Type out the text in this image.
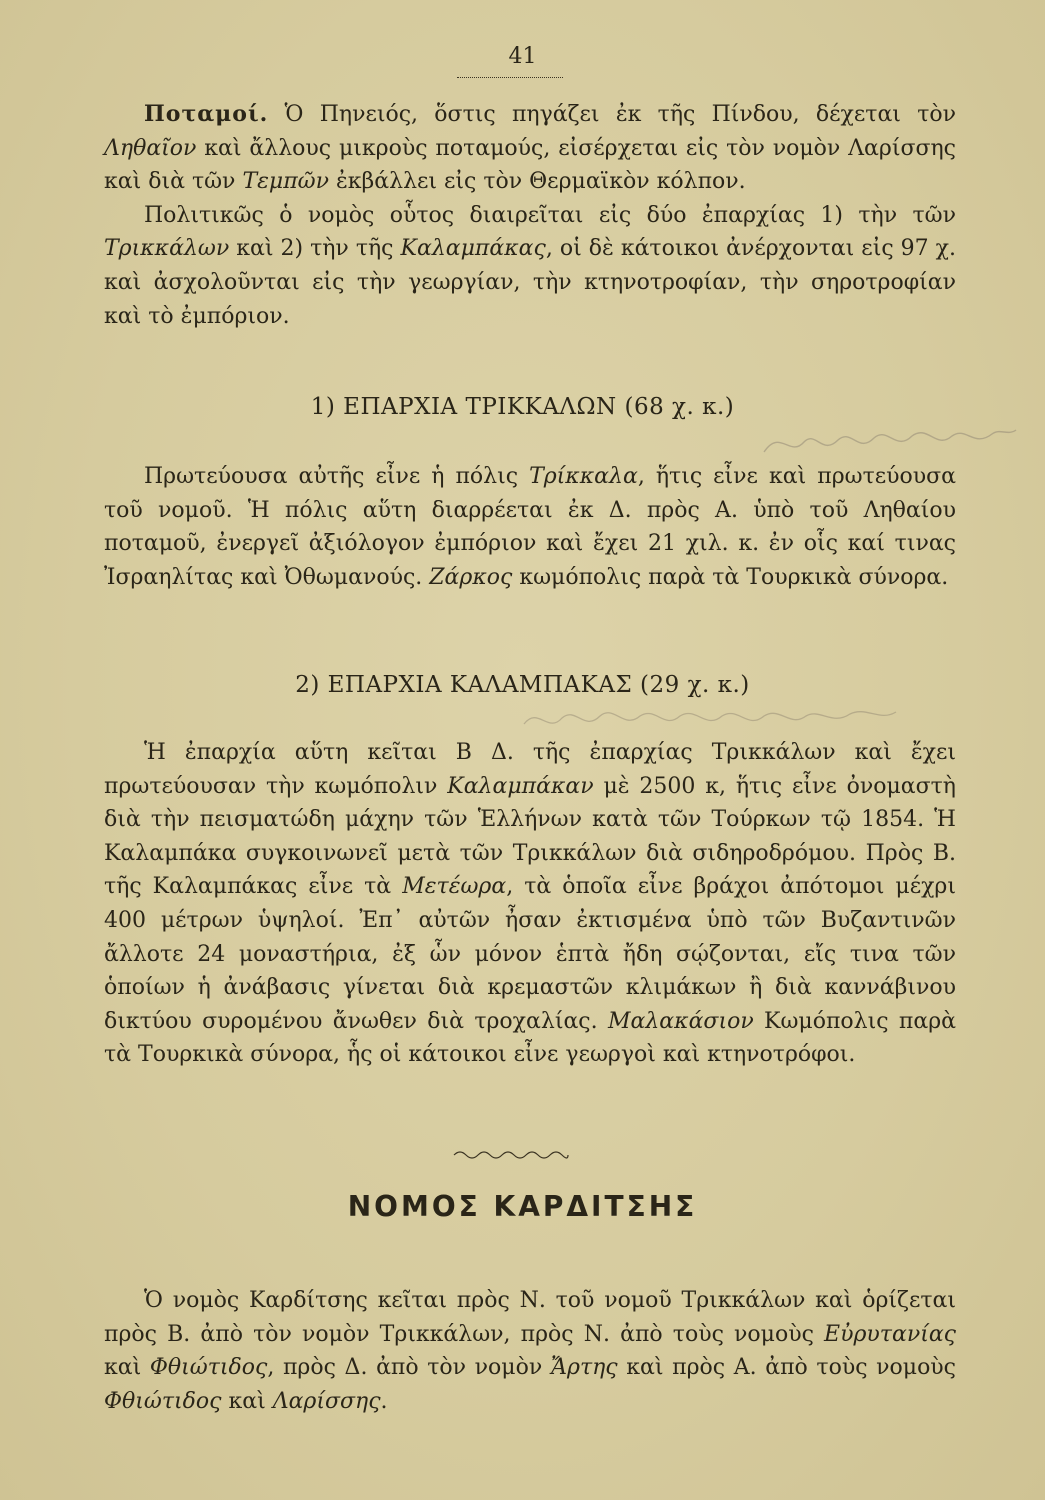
41

Ποταμοί. Ὁ Πηνειός, ὅστις πηγάζει ἐκ τῆς Πίνδου, δέχεται τὸν Ληθαῖον καὶ ἄλλους μικροὺς ποταμούς, εἰσέρχεται εἰς τὸν νομὸν Λαρίσσης καὶ διὰ τῶν Τεμπῶν ἐκβάλλει εἰς τὸν Θερμαϊκὸν κόλπον.

Πολιτικῶς ὁ νομὸς οὗτος διαιρεῖται εἰς δύο ἐπαρχίας 1) τὴν τῶν Τρικκάλων καὶ 2) τὴν τῆς Καλαμπάκας, οἱ δὲ κάτοικοι ἀνέρχονται εἰς 97 χ. καὶ ἀσχολοῦνται εἰς τὴν γεωργίαν, τὴν κτηνοτροφίαν, τὴν σηροτροφίαν καὶ τὸ ἐμπόριον.

1) ΕΠΑΡΧΙΑ ΤΡΙΚΚΑΛΩΝ (68 χ. κ.)

Πρωτεύουσα αὐτῆς εἶνε ἡ πόλις Τρίκκαλα, ἥτις εἶνε καὶ πρωτεύουσα τοῦ νομοῦ. Ἡ πόλις αὕτη διαρρέεται ἐκ Δ. πρὸς Α. ὑπὸ τοῦ Ληθαίου ποταμοῦ, ἐνεργεῖ ἀξιόλογον ἐμπόριον καὶ ἔχει 21 χιλ. κ. ἐν οἷς καί τινας Ἰσραηλίτας καὶ Ὀθωμανούς. Ζάρκος κωμόπολις παρὰ τὰ Τουρκικὰ σύνορα.

2) ΕΠΑΡΧΙΑ ΚΑΛΑΜΠΑΚΑΣ (29 χ. κ.)

Ἡ ἐπαρχία αὕτη κεῖται Β Δ. τῆς ἐπαρχίας Τρικκάλων καὶ ἔχει πρωτεύουσαν τὴν κωμόπολιν Καλαμπάκαν μὲ 2500 κ, ἥτις εἶνε ὀνομαστὴ διὰ τὴν πεισματώδη μάχην τῶν Ἑλλήνων κατὰ τῶν Τούρκων τῷ 1854. Ἡ Καλαμπάκα συγκοινωνεῖ μετὰ τῶν Τρικκάλων διὰ σιδηροδρόμου. Πρὸς Β. τῆς Καλαμπάκας εἶνε τὰ Μετέωρα, τὰ ὁποῖα εἶνε βράχοι ἀπότομοι μέχρι 400 μέτρων ὑψηλοί. Ἐπ᾽ αὐτῶν ἦσαν ἐκτισμένα ὑπὸ τῶν Βυζαντινῶν ἄλλοτε 24 μοναστήρια, ἐξ ὧν μόνον ἑπτὰ ἤδη σῴζονται, εἴς τινα τῶν ὁποίων ἡ ἀνάβασις γίνεται διὰ κρεμαστῶν κλιμάκων ἢ διὰ καννάβινου δικτύου συρομένου ἄνωθεν διὰ τροχαλίας. Μαλακάσιον Κωμόπολις παρὰ τὰ Τουρκικὰ σύνορα, ἧς οἱ κάτοικοι εἶνε γεωργοὶ καὶ κτηνοτρόφοι.

ΝΟΜΟΣ ΚΑΡΔΙΤΣΗΣ

Ὁ νομὸς Καρδίτσης κεῖται πρὸς Ν. τοῦ νομοῦ Τρικκάλων καὶ ὁρίζεται πρὸς Β. ἀπὸ τὸν νομὸν Τρικκάλων, πρὸς Ν. ἀπὸ τοὺς νομοὺς Εὐρυτανίας καὶ Φθιώτιδος, πρὸς Δ. ἀπὸ τὸν νομὸν Ἄρτης καὶ πρὸς Α. ἀπὸ τοὺς νομοὺς Φθιώτιδος καὶ Λαρίσσης.
